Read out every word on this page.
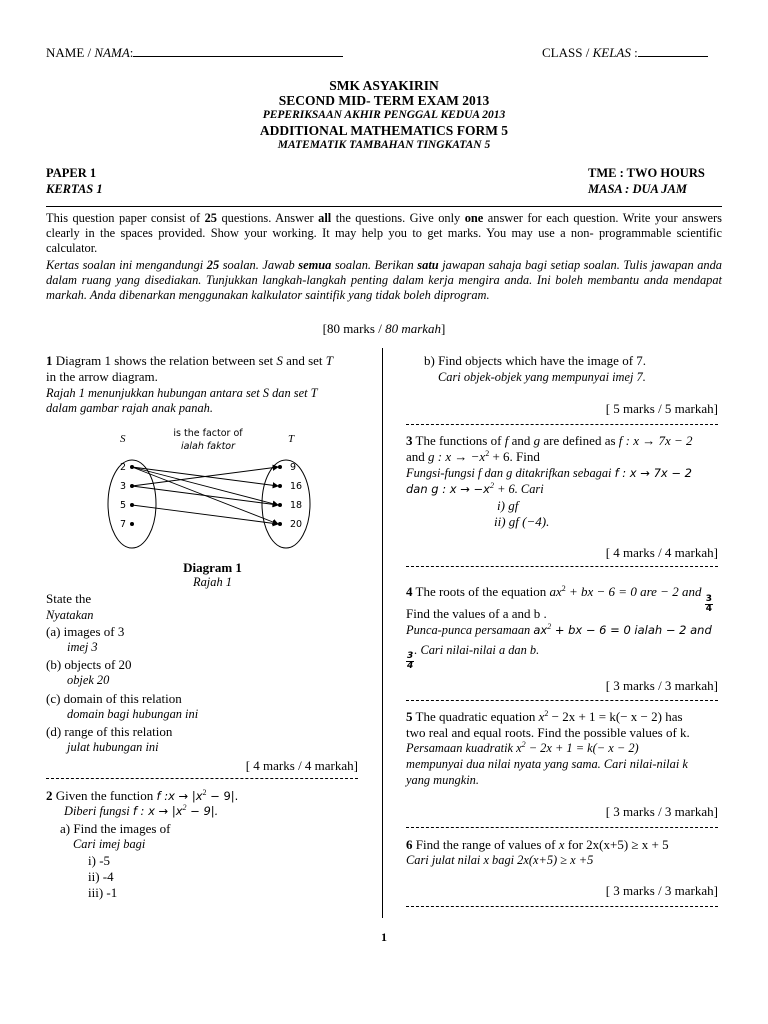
NAME / NAMA:	CLASS / KELAS :
SMK ASYAKIRIN
SECOND MID- TERM EXAM 2013
PEPERIKSAAN AKHIR PENGGAL KEDUA 2013
ADDITIONAL MATHEMATICS FORM 5
MATEMATIK TAMBAHAN TINGKATAN 5
PAPER 1
KERTAS 1
TME : TWO HOURS
MASA : DUA JAM
This question paper consist of 25 questions. Answer all the questions. Give only one answer for each question. Write your answers clearly in the spaces provided. Show your working. It may help you to get marks. You may use a non- programmable scientific calculator.
Kertas soalan ini mengandungi 25 soalan. Jawab semua soalan. Berikan satu jawapan sahaja bagi setiap soalan. Tulis jawapan anda dalam ruang yang disediakan. Tunjukkan langkah-langkah penting dalam kerja mengira anda. Ini boleh membantu anda mendapat markah. Anda dibenarkan menggunakan kalkulator saintifik yang tidak boleh diprogram.
[80 marks / 80 markah]
1 Diagram 1 shows the relation between set S and set T
in the arrow diagram.
Rajah 1 menunjukkan hubungan antara set S dan set T
dalam gambar rajah anak panah.
S	T
is the factor of
ialah faktor
2
3
5
7
9
16
18
20
Diagram 1
Rajah 1
State the
Nyatakan
(a) images of 3
imej 3
(b) objects of 20
objek 20
(c) domain of this relation
domain bagi hubungan ini
(d) range of this relation
julat hubungan ini
[ 4 marks / 4 markah]
2 Given the function f :x → $|x^2 - 9|$.
Diberi fungsi f : $x \to |x^2 - 9|$.
a) Find the images of
Cari imej bagi
i) -5
ii) -4
iii) -1
b) Find objects which have the image of 7.
Cari objek-objek yang mempunyai imej 7.
[ 5 marks / 5 markah]
3 The functions of f and g are defined as f : x → 7x − 2
and g : $x \to -x^2 + 6$. Find
Fungsi-fungsi f dan g ditakrifkan sebagai f : x → 7x − 2
dan g : $x \to -x^2 + 6$. Cari
i) gf
ii) gf (−4).
[ 4 marks / 4 markah]
4 The roots of the equation $ax^2$ + bx − 6 = 0 are − 2 and
$\frac{3}{4}$
Find the values of a and b .
Punca-punca persamaan $ax^2$ + bx − 6 = 0 ialah − 2 and
$\frac{3}{4}$
. Cari nilai-nilai a dan b.
[ 3 marks / 3 markah]
5 The quadratic equation $x^2 - 2x + 1 = k(- x - 2)$ has
two real and equal roots. Find the possible values of k.
Persamaan kuadratik $x^2 - 2x + 1 = k(- x - 2)$
mempunyai dua nilai nyata yang sama. Cari nilai-nilai k
yang mungkin.
[ 3 marks / 3 markah]
6 Find the range of values of x for 2x(x+5) ≥ x + 5
Cari julat nilai x bagi 2x(x+5) ≥ x +5
[ 3 marks / 3 markah]
1
